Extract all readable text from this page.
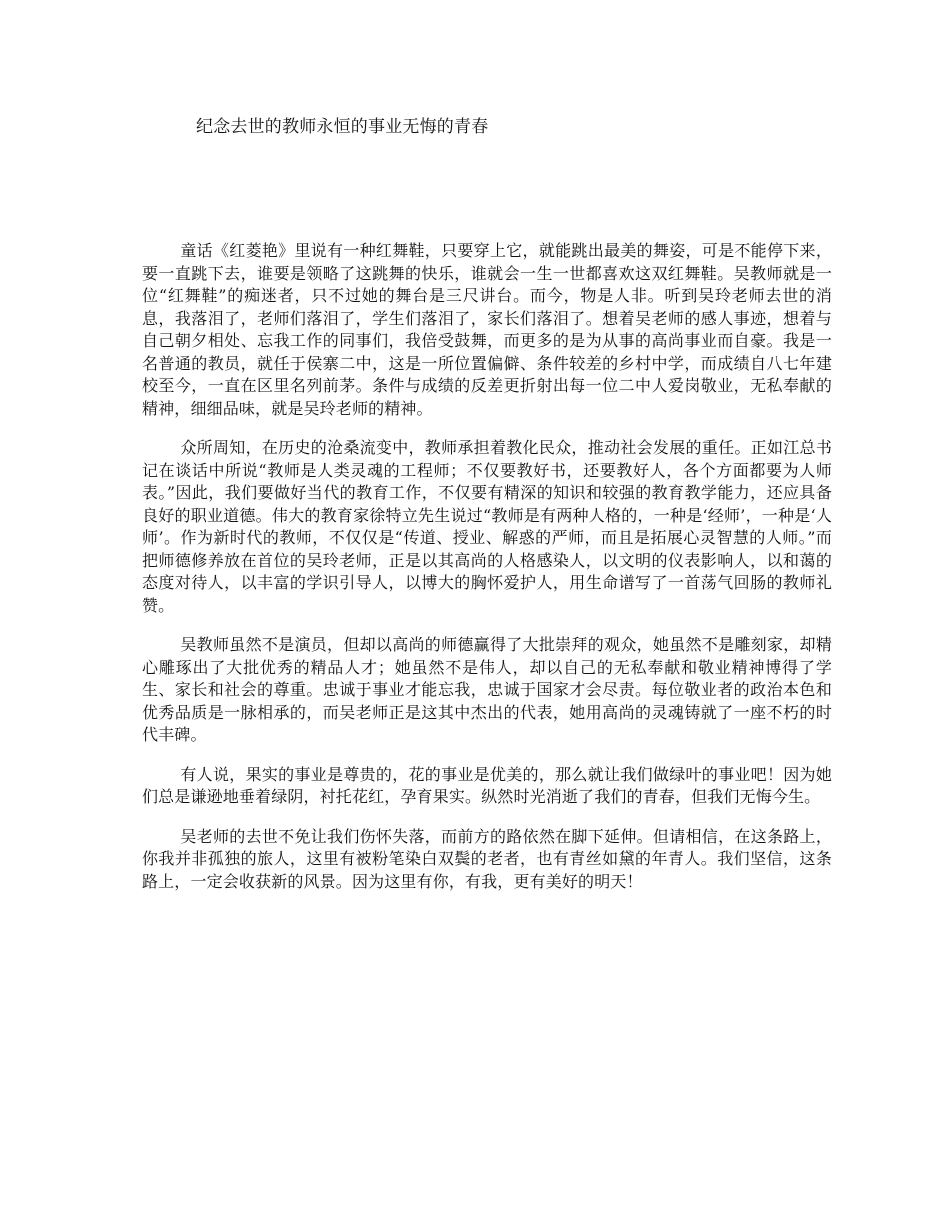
纪念去世的教师永恒的事业无悔的青春

童话《红菱艳》里说有一种红舞鞋，只要穿上它，就能跳出最美的舞姿，可是不能停下来，要一直跳下去，谁要是领略了这跳舞的快乐，谁就会一生一世都喜欢这双红舞鞋。吴教师就是一位“红舞鞋”的痴迷者，只不过她的舞台是三尺讲台。而今，物是人非。听到吴玲老师去世的消息，我落泪了，老师们落泪了，学生们落泪了，家长们落泪了。想着吴老师的感人事迹，想着与自己朝夕相处、忘我工作的同事们，我倍受鼓舞，而更多的是为从事的高尚事业而自豪。我是一名普通的教员，就任于侯寨二中，这是一所位置偏僻、条件较差的乡村中学，而成绩自八七年建校至今，一直在区里名列前茅。条件与成绩的反差更折射出每一位二中人爱岗敬业，无私奉献的精神，细细品味，就是吴玲老师的精神。

众所周知，在历史的沧桑流变中，教师承担着教化民众，推动社会发展的重任。正如江总书记在谈话中所说“教师是人类灵魂的工程师；不仅要教好书，还要教好人，各个方面都要为人师表。”因此，我们要做好当代的教育工作，不仅要有精深的知识和较强的教育教学能力，还应具备良好的职业道德。伟大的教育家徐特立先生说过“教师是有两种人格的，一种是‘经师’，一种是‘人师’。作为新时代的教师，不仅仅是“传道、授业、解惑的严师，而且是拓展心灵智慧的人师。”而把师德修养放在首位的吴玲老师，正是以其高尚的人格感染人，以文明的仪表影响人，以和蔼的态度对待人，以丰富的学识引导人，以博大的胸怀爱护人，用生命谱写了一首荡气回肠的教师礼赞。

吴教师虽然不是演员，但却以高尚的师德赢得了大批崇拜的观众，她虽然不是雕刻家，却精心雕琢出了大批优秀的精品人才；她虽然不是伟人，却以自己的无私奉献和敬业精神博得了学生、家长和社会的尊重。忠诚于事业才能忘我，忠诚于国家才会尽责。每位敬业者的政治本色和优秀品质是一脉相承的，而吴老师正是这其中杰出的代表，她用高尚的灵魂铸就了一座不朽的时代丰碑。

有人说，果实的事业是尊贵的，花的事业是优美的，那么就让我们做绿叶的事业吧！因为她们总是谦逊地垂着绿阴，衬托花红，孕育果实。纵然时光消逝了我们的青春，但我们无悔今生。

吴老师的去世不免让我们伤怀失落，而前方的路依然在脚下延伸。但请相信，在这条路上，你我并非孤独的旅人，这里有被粉笔染白双鬓的老者，也有青丝如黛的年青人。我们坚信，这条路上，一定会收获新的风景。因为这里有你，有我，更有美好的明天！
